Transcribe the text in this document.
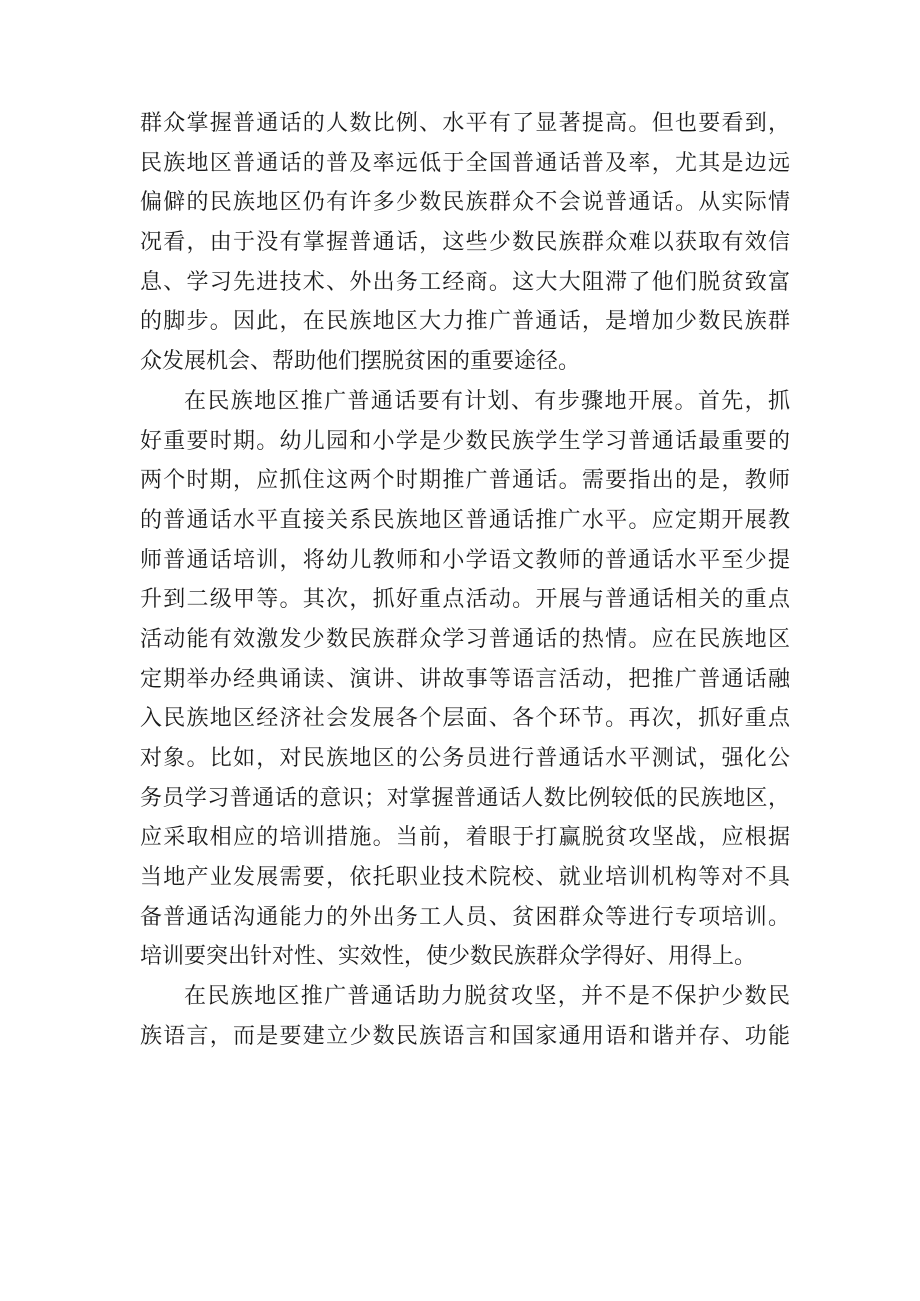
群众掌握普通话的人数比例、水平有了显著提高。但也要看到，
民族地区普通话的普及率远低于全国普通话普及率，尤其是边远
偏僻的民族地区仍有许多少数民族群众不会说普通话。从实际情
况看，由于没有掌握普通话，这些少数民族群众难以获取有效信
息、学习先进技术、外出务工经商。这大大阻滞了他们脱贫致富
的脚步。因此，在民族地区大力推广普通话，是增加少数民族群
众发展机会、帮助他们摆脱贫困的重要途径。
在民族地区推广普通话要有计划、有步骤地开展。首先，抓
好重要时期。幼儿园和小学是少数民族学生学习普通话最重要的
两个时期，应抓住这两个时期推广普通话。需要指出的是，教师
的普通话水平直接关系民族地区普通话推广水平。应定期开展教
师普通话培训，将幼儿教师和小学语文教师的普通话水平至少提
升到二级甲等。其次，抓好重点活动。开展与普通话相关的重点
活动能有效激发少数民族群众学习普通话的热情。应在民族地区
定期举办经典诵读、演讲、讲故事等语言活动，把推广普通话融
入民族地区经济社会发展各个层面、各个环节。再次，抓好重点
对象。比如，对民族地区的公务员进行普通话水平测试，强化公
务员学习普通话的意识；对掌握普通话人数比例较低的民族地区，
应采取相应的培训措施。当前，着眼于打赢脱贫攻坚战，应根据
当地产业发展需要，依托职业技术院校、就业培训机构等对不具
备普通话沟通能力的外出务工人员、贫困群众等进行专项培训。
培训要突出针对性、实效性，使少数民族群众学得好、用得上。
在民族地区推广普通话助力脱贫攻坚，并不是不保护少数民
族语言，而是要建立少数民族语言和国家通用语和谐并存、功能
